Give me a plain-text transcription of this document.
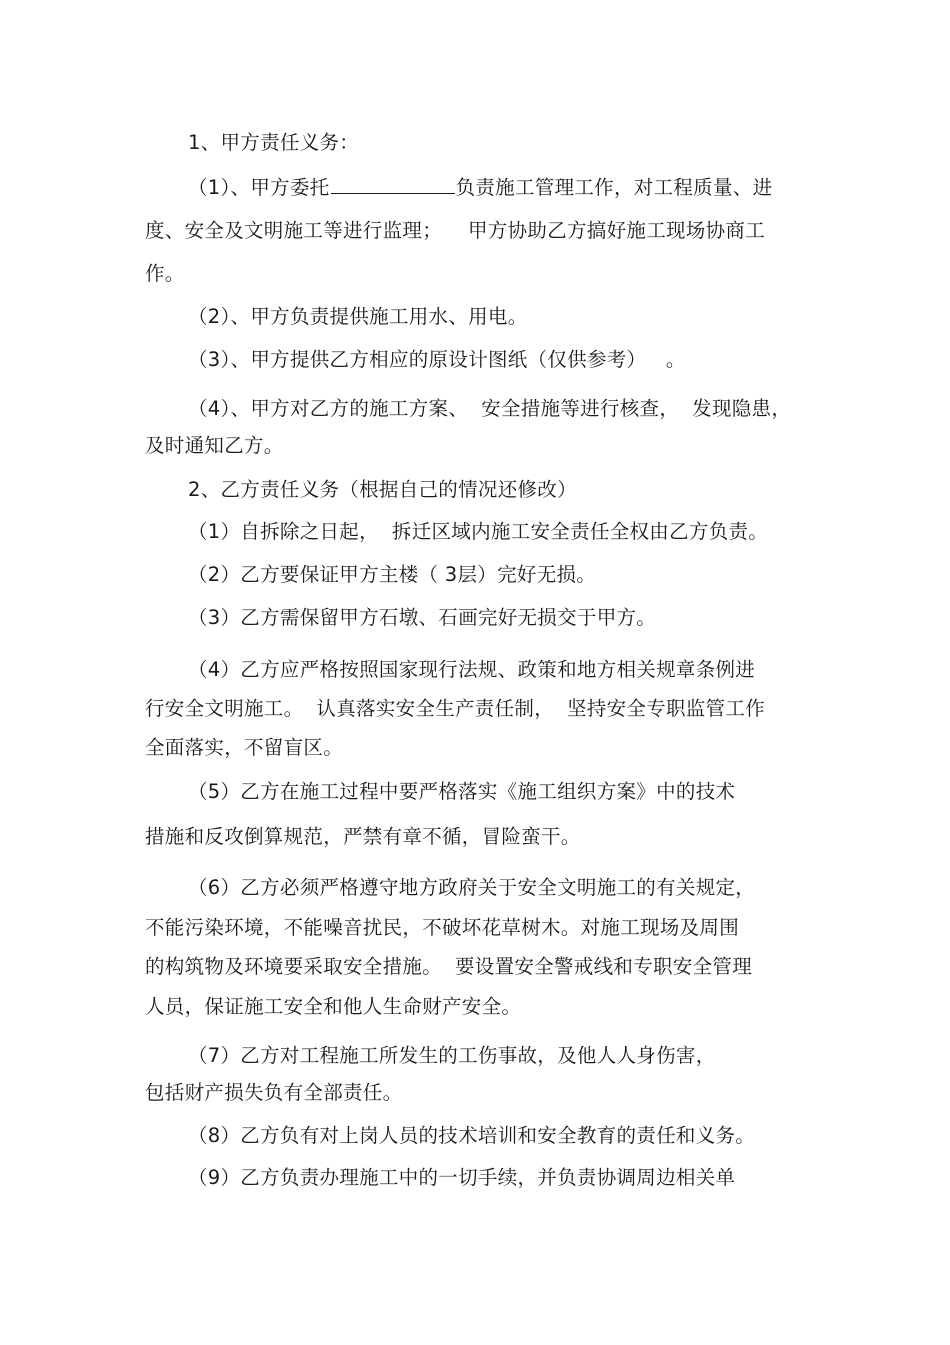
1、甲方责任义务：
（1）、甲方委托	负责施工管理工作，对工程质量、进
度、安全及文明施工等进行监理；    甲方协助乙方搞好施工现场协商工
作。
（2）、甲方负责提供施工用水、用电。
（3）、甲方提供乙方相应的原设计图纸（仅供参考）   。
（4）、甲方对乙方的施工方案、  安全措施等进行核查，  发现隐患，
及时通知乙方。
2、乙方责任义务（根据自己的情况还修改）
（1）自拆除之日起，  拆迁区域内施工安全责任全权由乙方负责。
（2）乙方要保证甲方主楼（ 3层）完好无损。
（3）乙方需保留甲方石墩、石画完好无损交于甲方。
（4）乙方应严格按照国家现行法规、政策和地方相关规章条例进
行安全文明施工。  认真落实安全生产责任制，  坚持安全专职监管工作
全面落实，不留盲区。
（5）乙方在施工过程中要严格落实《施工组织方案》中的技术
措施和反攻倒算规范，严禁有章不循，冒险蛮干。
（6）乙方必须严格遵守地方政府关于安全文明施工的有关规定，
不能污染环境，不能噪音扰民，不破坏花草树木。对施工现场及周围
的构筑物及环境要采取安全措施。  要设置安全警戒线和专职安全管理
人员，保证施工安全和他人生命财产安全。
（7）乙方对工程施工所发生的工伤事故，及他人人身伤害，
包括财产损失负有全部责任。
（8）乙方负有对上岗人员的技术培训和安全教育的责任和义务。
（9）乙方负责办理施工中的一切手续，并负责协调周边相关单
